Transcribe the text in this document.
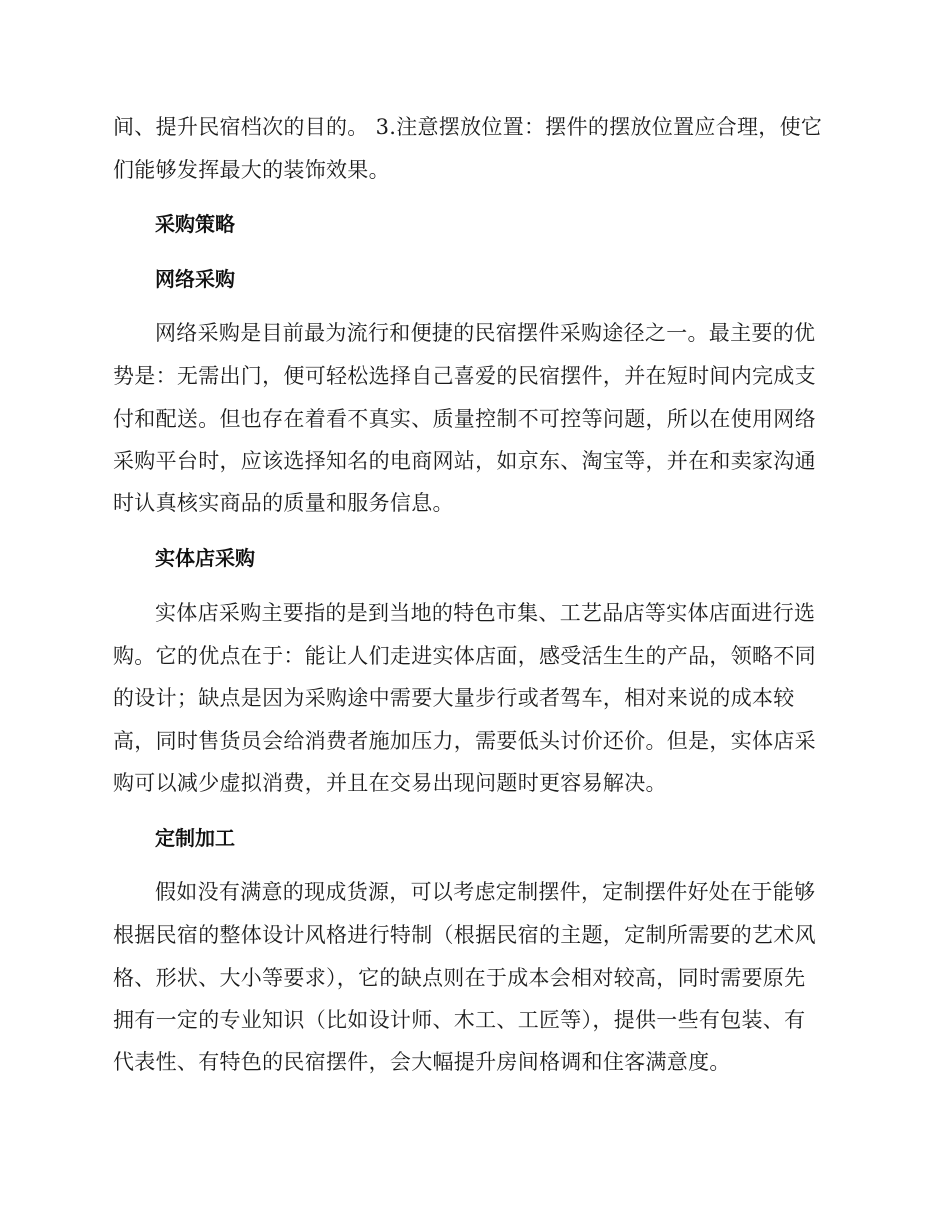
间、提升民宿档次的目的。 3.注意摆放位置：摆件的摆放位置应合理，使它
们能够发挥最大的装饰效果。
采购策略
网络采购
网络采购是目前最为流行和便捷的民宿摆件采购途径之一。最主要的优
势是：无需出门，便可轻松选择自己喜爱的民宿摆件，并在短时间内完成支
付和配送。但也存在着看不真实、质量控制不可控等问题，所以在使用网络
采购平台时，应该选择知名的电商网站，如京东、淘宝等，并在和卖家沟通
时认真核实商品的质量和服务信息。
实体店采购
实体店采购主要指的是到当地的特色市集、工艺品店等实体店面进行选
购。它的优点在于：能让人们走进实体店面，感受活生生的产品，领略不同
的设计；缺点是因为采购途中需要大量步行或者驾车，相对来说的成本较
高，同时售货员会给消费者施加压力，需要低头讨价还价。但是，实体店采
购可以减少虚拟消费，并且在交易出现问题时更容易解决。
定制加工
假如没有满意的现成货源，可以考虑定制摆件，定制摆件好处在于能够
根据民宿的整体设计风格进行特制（根据民宿的主题，定制所需要的艺术风
格、形状、大小等要求），它的缺点则在于成本会相对较高，同时需要原先
拥有一定的专业知识（比如设计师、木工、工匠等），提供一些有包装、有
代表性、有特色的民宿摆件，会大幅提升房间格调和住客满意度。
